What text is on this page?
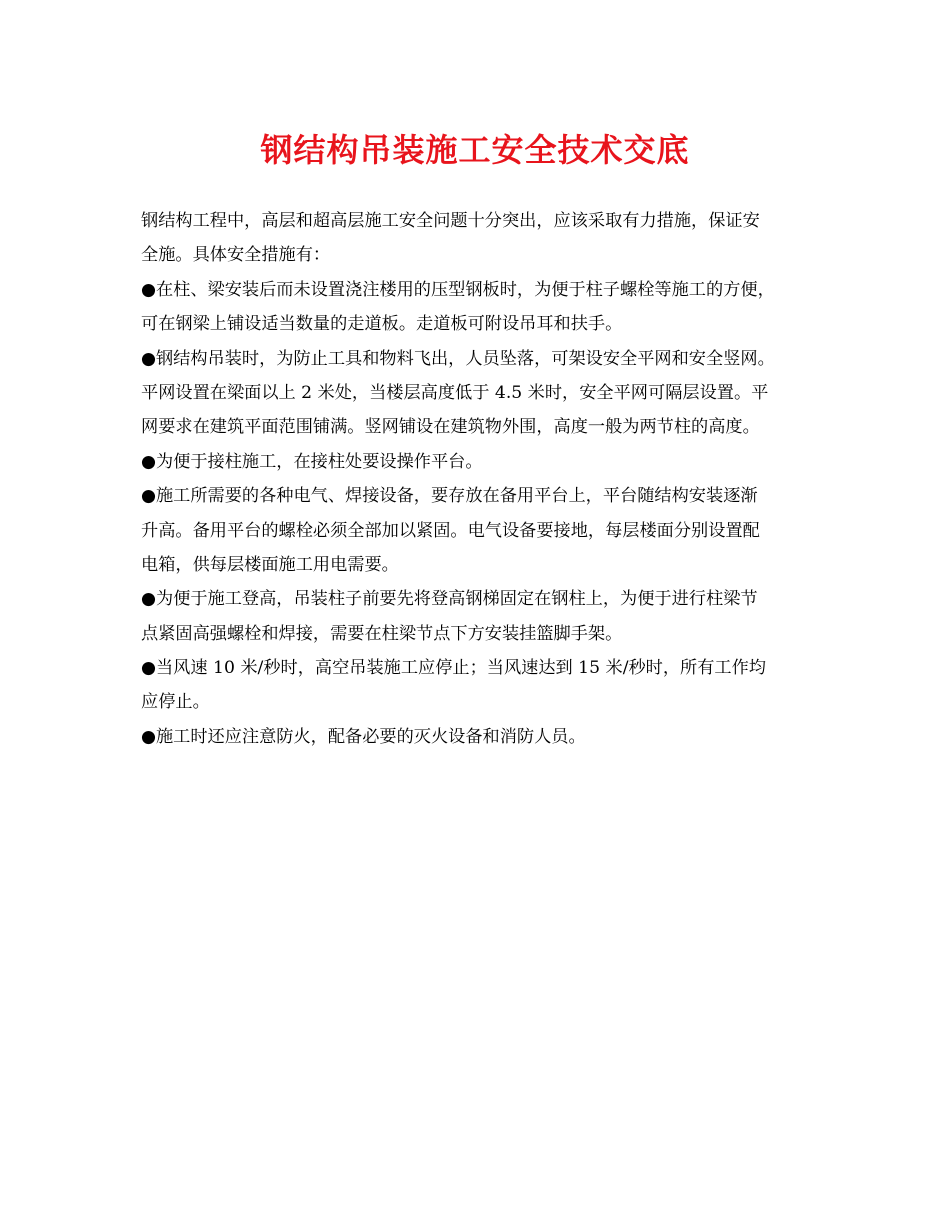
钢结构吊装施工安全技术交底
钢结构工程中，高层和超高层施工安全问题十分突出，应该采取有力措施，保证安
全施。具体安全措施有：
●在柱、梁安装后而未设置浇注楼用的压型钢板时，为便于柱子螺栓等施工的方便，
可在钢梁上铺设适当数量的走道板。走道板可附设吊耳和扶手。
●钢结构吊装时，为防止工具和物料飞出，人员坠落，可架设安全平网和安全竖网。
平网设置在梁面以上 2 米处，当楼层高度低于 4.5 米时，安全平网可隔层设置。平
网要求在建筑平面范围铺满。竖网铺设在建筑物外围，高度一般为两节柱的高度。
●为便于接柱施工，在接柱处要设操作平台。
●施工所需要的各种电气、焊接设备，要存放在备用平台上，平台随结构安装逐渐
升高。备用平台的螺栓必须全部加以紧固。电气设备要接地，每层楼面分别设置配
电箱，供每层楼面施工用电需要。
●为便于施工登高，吊装柱子前要先将登高钢梯固定在钢柱上，为便于进行柱梁节
点紧固高强螺栓和焊接，需要在柱梁节点下方安装挂篮脚手架。
●当风速 10 米/秒时，高空吊装施工应停止；当风速达到 15 米/秒时，所有工作均
应停止。
●施工时还应注意防火，配备必要的灭火设备和消防人员。
